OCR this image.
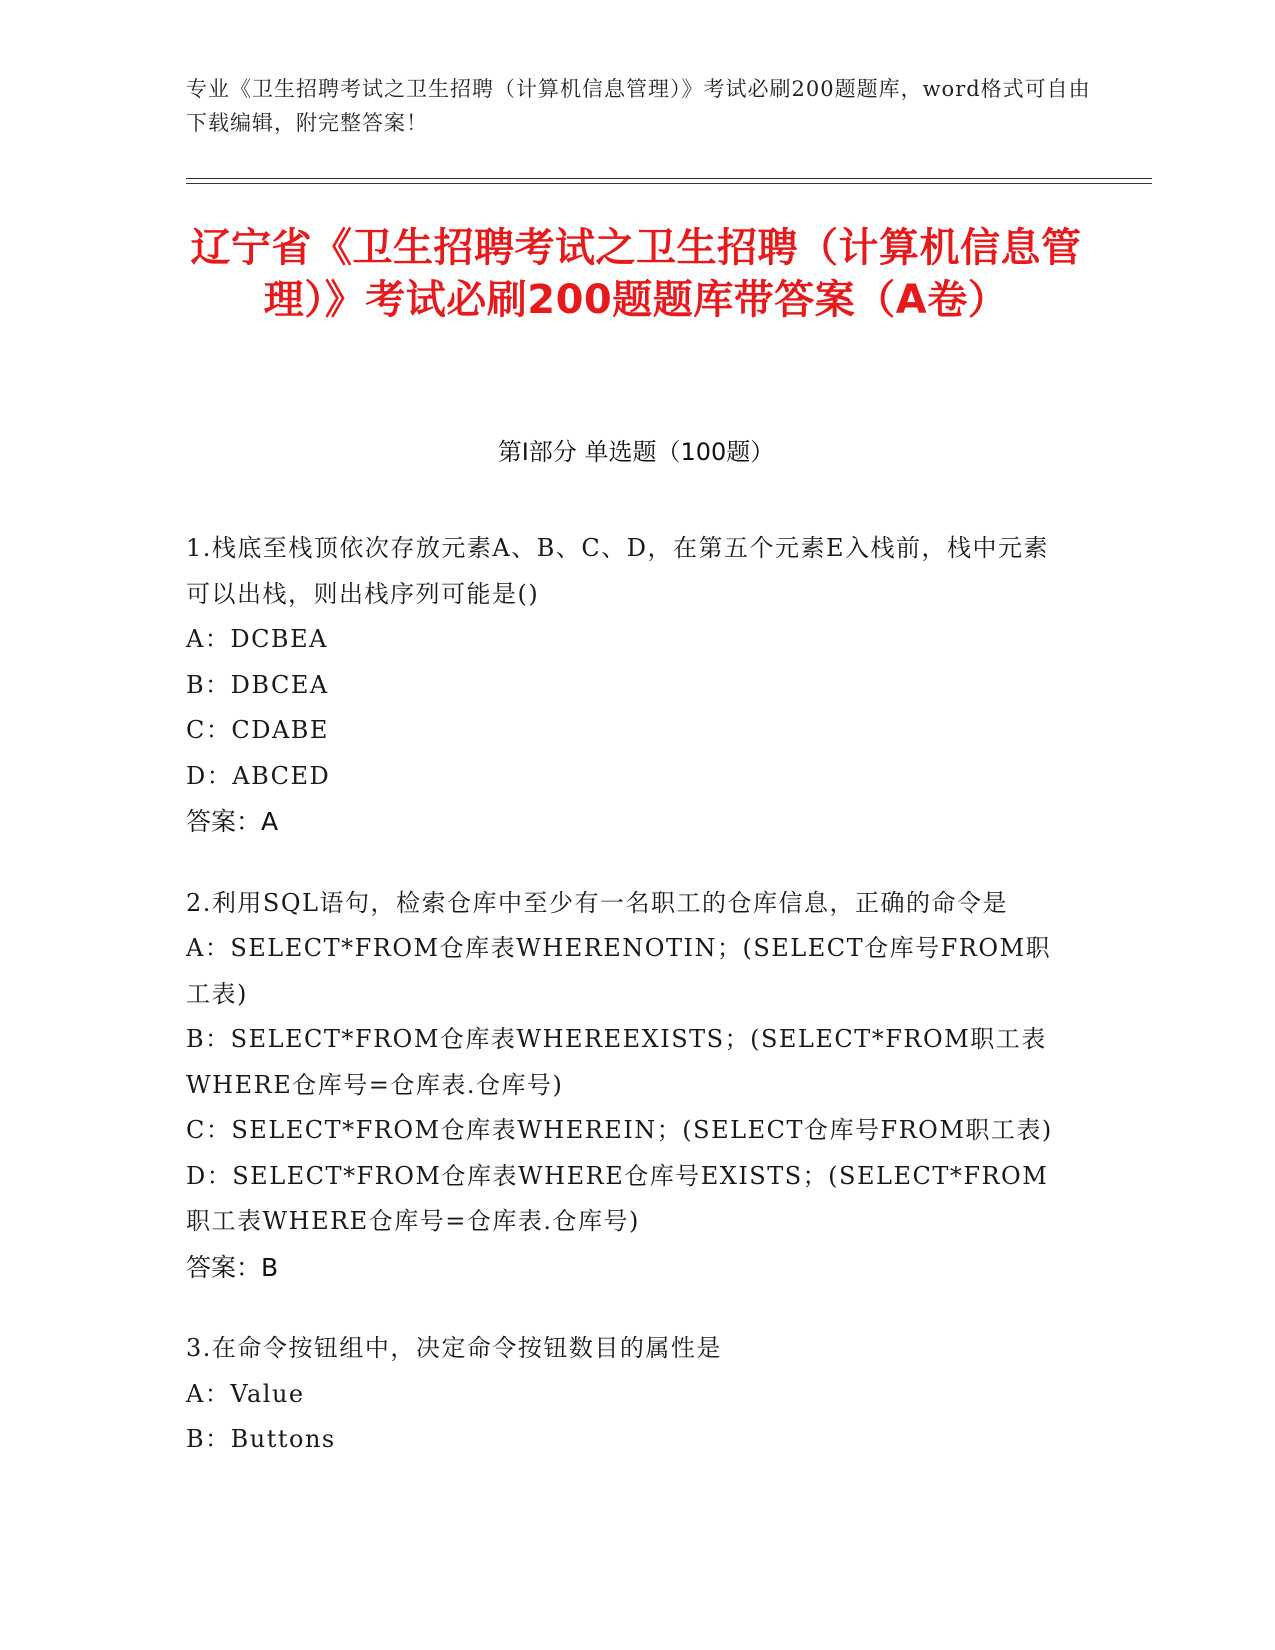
专业《卫生招聘考试之卫生招聘（计算机信息管理）》考试必刷200题题库，word格式可自由下载编辑，附完整答案！
辽宁省《卫生招聘考试之卫生招聘（计算机信息管理）》考试必刷200题题库带答案（A卷）
第I部分 单选题（100题）
1.栈底至栈顶依次存放元素A、B、C、D，在第五个元素E入栈前，栈中元素可以出栈，则出栈序列可能是()
A：DCBEA
B：DBCEA
C：CDABE
D：ABCED
答案：A
2.利用SQL语句，检索仓库中至少有一名职工的仓库信息，正确的命令是
A：SELECT*FROM仓库表WHERENOTIN；(SELECT仓库号FROM职工表)
B：SELECT*FROM仓库表WHEREEXISTS；(SELECT*FROM职工表WHERE仓库号=仓库表.仓库号)
C：SELECT*FROM仓库表WHEREIN；(SELECT仓库号FROM职工表)
D：SELECT*FROM仓库表WHERE仓库号EXISTS；(SELECT*FROM职工表WHERE仓库号=仓库表.仓库号)
答案：B
3.在命令按钮组中，决定命令按钮数目的属性是
A：Value
B：Buttons
